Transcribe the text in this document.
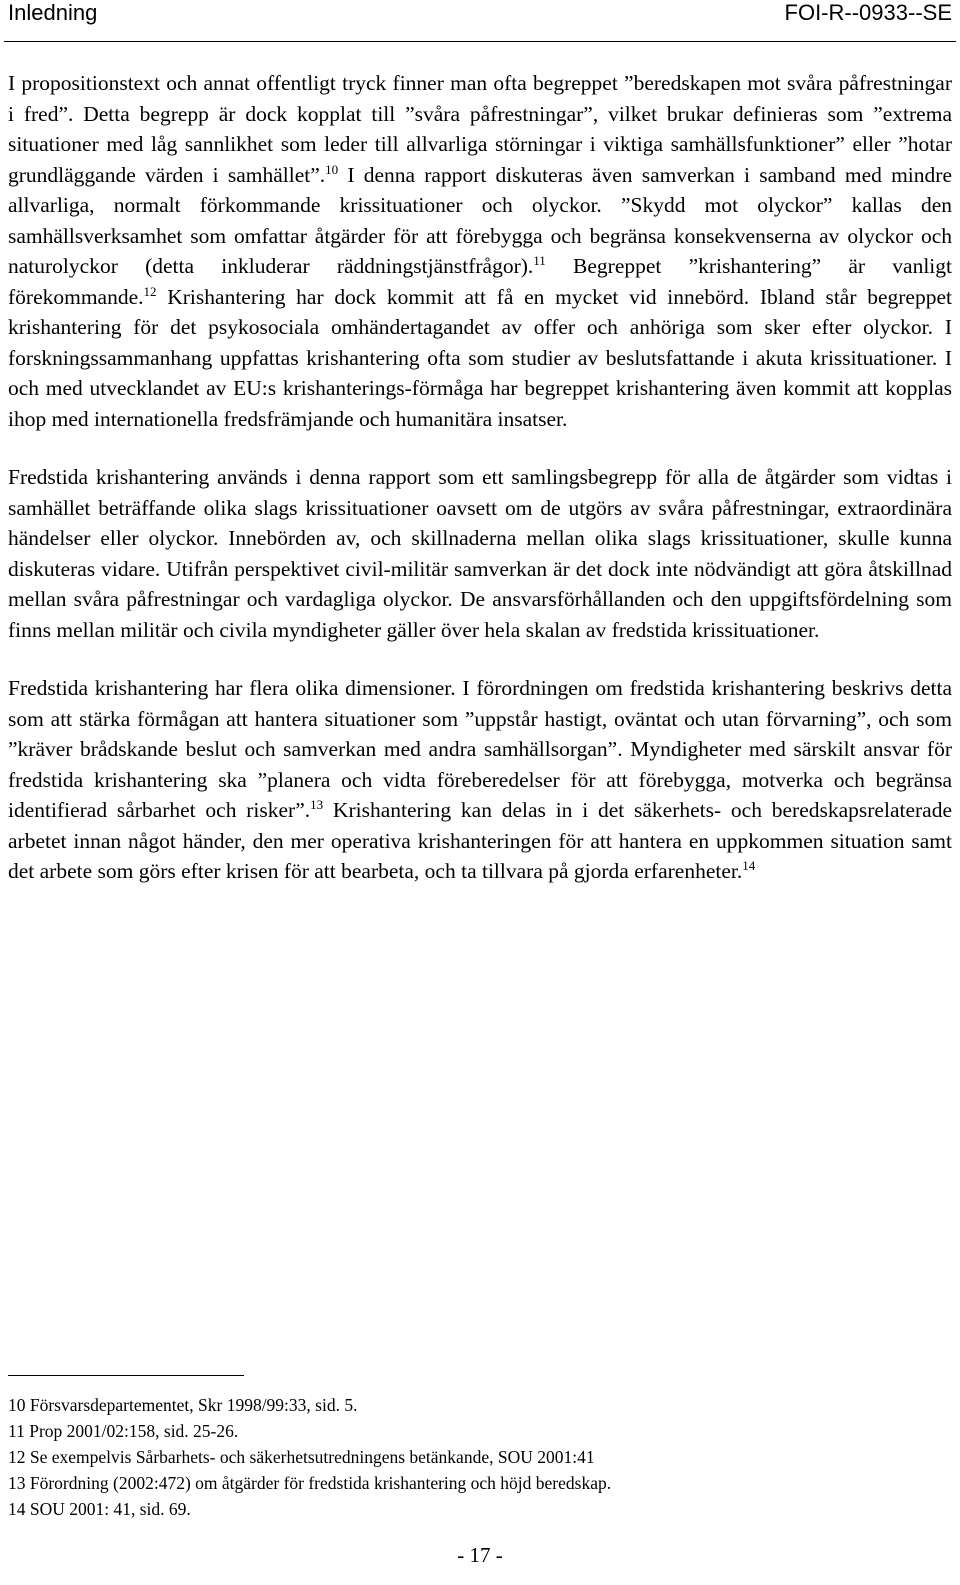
Inledning	FOI-R--0933--SE

I propositionstext och annat offentligt tryck finner man ofta begreppet ”beredskapen mot svåra påfrestningar i fred”. Detta begrepp är dock kopplat till ”svåra påfrestningar”, vilket brukar definieras som ”extrema situationer med låg sannlikhet som leder till allvarliga störningar i viktiga samhällsfunktioner” eller ”hotar grundläggande värden i samhället”.$^{10}$ I denna rapport diskuteras även samverkan i samband med mindre allvarliga, normalt förkommande krissituationer och olyckor. ”Skydd mot olyckor” kallas den samhällsverksamhet som omfattar åtgärder för att förebygga och begränsa konsekvenserna av olyckor och naturolyckor (detta inkluderar räddningstjänstfrågor).$^{11}$ Begreppet ”krishantering” är vanligt förekommande.$^{12}$ Krishantering har dock kommit att få en mycket vid innebörd. Ibland står begreppet krishantering för det psykosociala omhändertagandet av offer och anhöriga som sker efter olyckor. I forskningssammanhang uppfattas krishantering ofta som studier av beslutsfattande i akuta krissituationer. I och med utvecklandet av EU:s krishanterings-förmåga har begreppet krishantering även kommit att kopplas ihop med internationella fredsfrämjande och humanitära insatser.

Fredstida krishantering används i denna rapport som ett samlingsbegrepp för alla de åtgärder som vidtas i samhället beträffande olika slags krissituationer oavsett om de utgörs av svåra påfrestningar, extraordinära händelser eller olyckor. Innebörden av, och skillnaderna mellan olika slags krissituationer, skulle kunna diskuteras vidare. Utifrån perspektivet civil-militär samverkan är det dock inte nödvändigt att göra åtskillnad mellan svåra påfrestningar och vardagliga olyckor. De ansvarsförhållanden och den uppgiftsfördelning som finns mellan militär och civila myndigheter gäller över hela skalan av fredstida krissituationer.

Fredstida krishantering har flera olika dimensioner. I förordningen om fredstida krishantering beskrivs detta som att stärka förmågan att hantera situationer som ”uppstår hastigt, oväntat och utan förvarning”, och som ”kräver brådskande beslut och samverkan med andra samhällsorgan”. Myndigheter med särskilt ansvar för fredstida krishantering ska ”planera och vidta föreberedelser för att förebygga, motverka och begränsa identifierad sårbarhet och risker”.$^{13}$ Krishantering kan delas in i det säkerhets- och beredskapsrelaterade arbetet innan något händer, den mer operativa krishanteringen för att hantera en uppkommen situation samt det arbete som görs efter krisen för att bearbeta, och ta tillvara på gjorda erfarenheter.$^{14}$

10 Försvarsdepartementet, Skr 1998/99:33, sid. 5.
11 Prop 2001/02:158, sid. 25-26.
12 Se exempelvis Sårbarhets- och säkerhetsutredningens betänkande, SOU 2001:41
13 Förordning (2002:472) om åtgärder för fredstida krishantering och höjd beredskap.
14 SOU 2001: 41, sid. 69.
- 17 -
